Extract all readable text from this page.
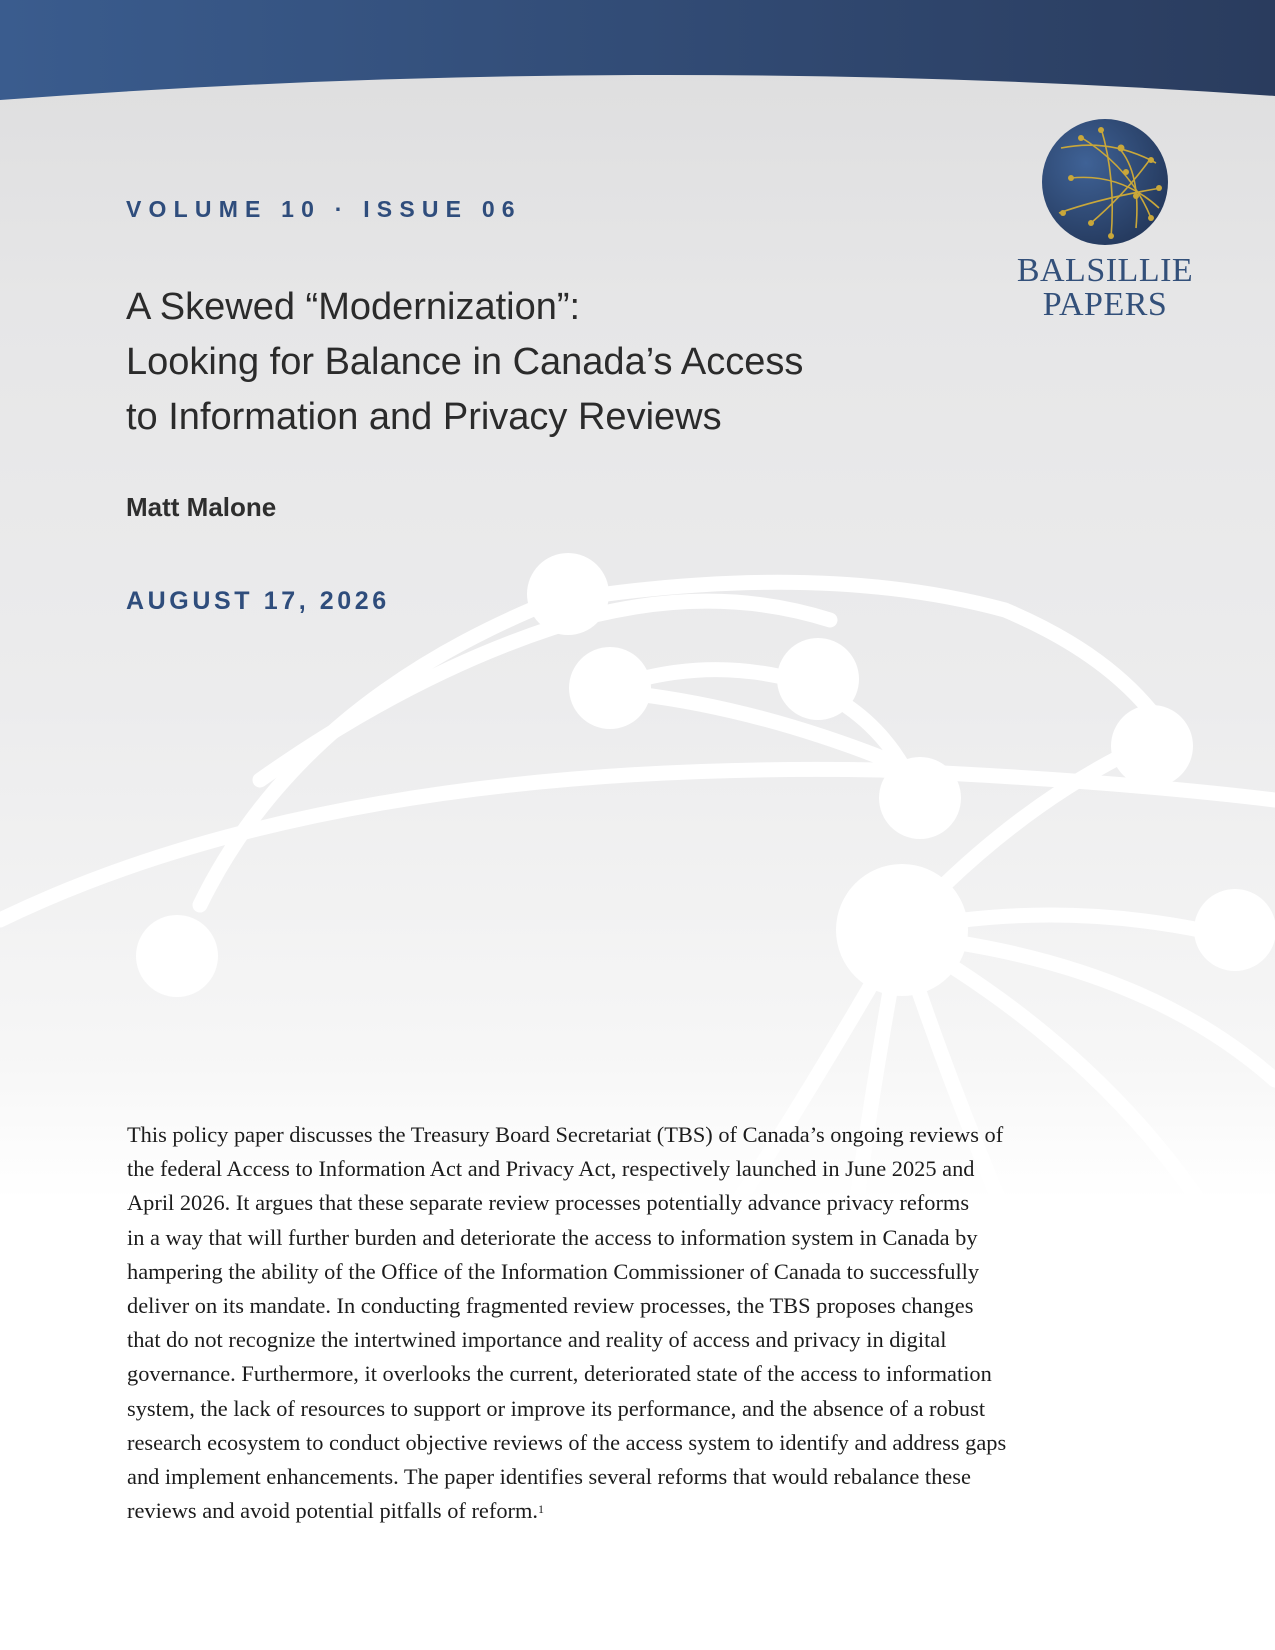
BALSILLIE
PAPERS
VOLUME 10 · ISSUE 06
A Skewed “Modernization”:
Looking for Balance in Canada’s Access
to Information and Privacy Reviews
Matt Malone
AUGUST 17, 2026
This policy paper discusses the Treasury Board Secretariat (TBS) of Canada’s ongoing reviews of
the federal Access to Information Act and Privacy Act, respectively launched in June 2025 and
April 2026. It argues that these separate review processes potentially advance privacy reforms
in a way that will further burden and deteriorate the access to information system in Canada by
hampering the ability of the Office of the Information Commissioner of Canada to successfully
deliver on its mandate. In conducting fragmented review processes, the TBS proposes changes
that do not recognize the intertwined importance and reality of access and privacy in digital
governance. Furthermore, it overlooks the current, deteriorated state of the access to information
system, the lack of resources to support or improve its performance, and the absence of a robust
research ecosystem to conduct objective reviews of the access system to identify and address gaps
and implement enhancements. The paper identifies several reforms that would rebalance these
reviews and avoid potential pitfalls of reform.$^1$
